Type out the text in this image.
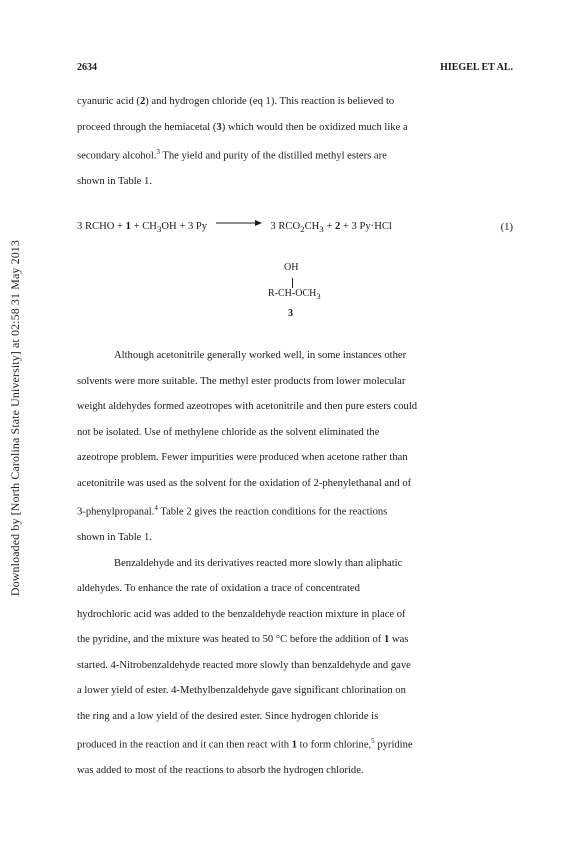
Downloaded by [North Carolina State University] at 02:58 31 May 2013
2634	HIEGEL ET AL.
cyanuric acid (2) and hydrogen chloride (eq 1). This reaction is believed to
proceed through the hemiacetal (3) which would then be oxidized much like a
secondary alcohol.$^3$ The yield and purity of the distilled methyl esters are
shown in Table 1.
3 RCHO + $1 + CH_3OH + 3$ Py	3 $RCO_2CH_3 + 2 + 3$ Py·HCl	(1)
OH
$R-CH-OCH_3$
3
Although acetonitrile generally worked well, in some instances other
solvents were more suitable. The methyl ester products from lower molecular
weight aldehydes formed azeotropes with acetonitrile and then pure esters could
not be isolated. Use of methylene chloride as the solvent eliminated the
azeotrope problem. Fewer impurities were produced when acetone rather than
acetonitrile was used as the solvent for the oxidation of 2-phenylethanal and of
3-phenylpropanal.$^4$ Table 2 gives the reaction conditions for the reactions
shown in Table 1.
Benzaldehyde and its derivatives reacted more slowly than aliphatic
aldehydes. To enhance the rate of oxidation a trace of concentrated
hydrochloric acid was added to the benzaldehyde reaction mixture in place of
the pyridine, and the mixture was heated to 50 °C before the addition of 1 was
started. 4-Nitrobenzaldehyde reacted more slowly than benzaldehyde and gave
a lower yield of ester. 4-Methylbenzaldehyde gave significant chlorination on
the ring and a low yield of the desired ester. Since hydrogen chloride is
produced in the reaction and it can then react with 1 to form chlorine,$^5$ pyridine
was added to most of the reactions to absorb the hydrogen chloride.
